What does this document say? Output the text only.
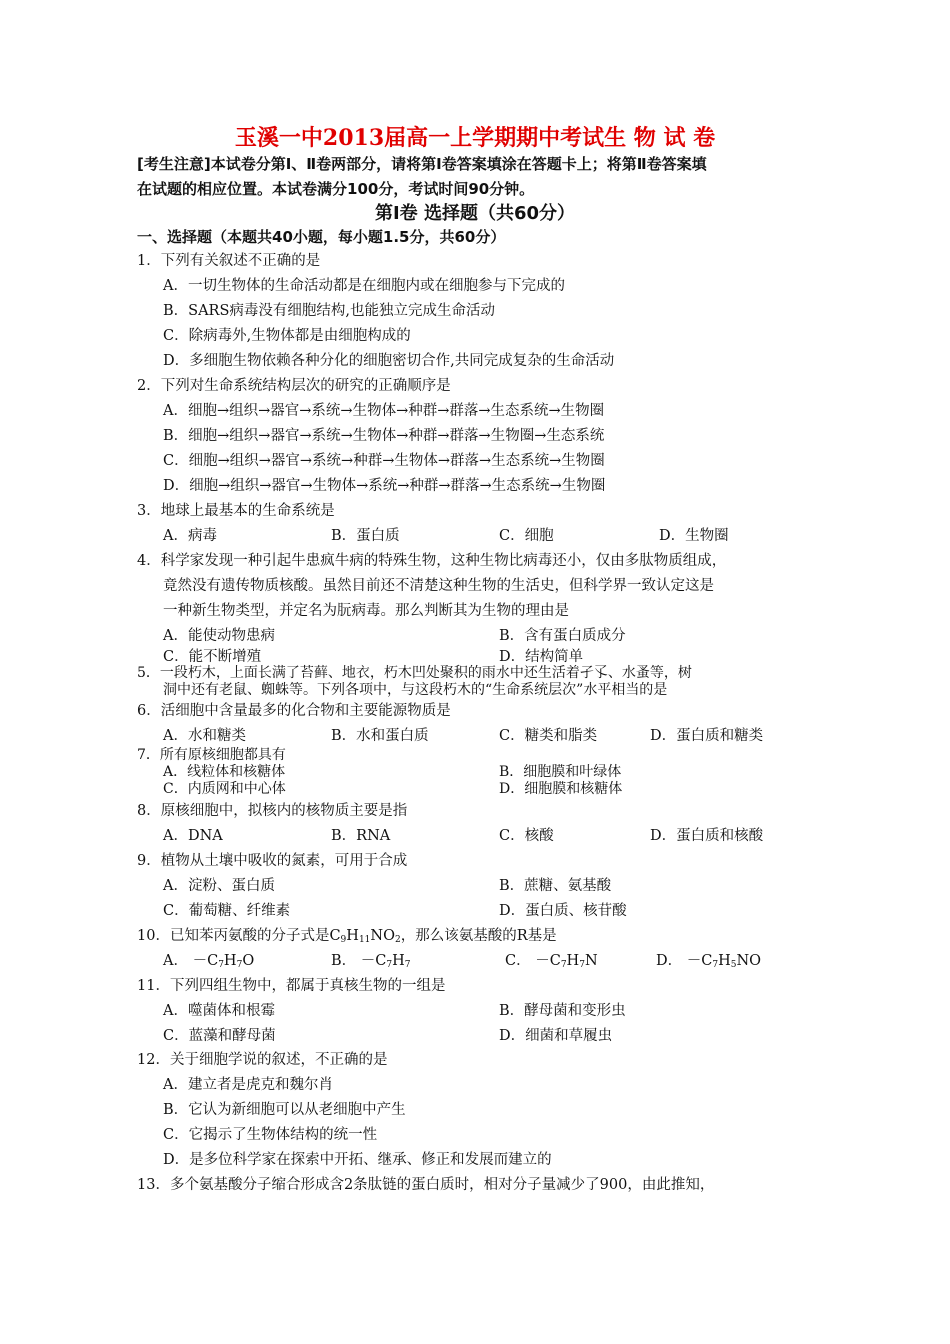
玉溪一中2013届高一上学期期中考试生 物 试 卷
[考生注意]本试卷分第Ⅰ、Ⅱ卷两部分，请将第Ⅰ卷答案填涂在答题卡上；将第Ⅱ卷答案填
在试题的相应位置。本试卷满分100分，考试时间90分钟。
第Ⅰ卷 选择题（共60分）
一、选择题（本题共40小题，每小题1.5分，共60分）
1．下列有关叙述不正确的是
A．一切生物体的生命活动都是在细胞内或在细胞参与下完成的
B．SARS病毒没有细胞结构,也能独立完成生命活动
C．除病毒外,生物体都是由细胞构成的
D．多细胞生物依赖各种分化的细胞密切合作,共同完成复杂的生命活动
2．下列对生命系统结构层次的研究的正确顺序是
A．细胞→组织→器官→系统→生物体→种群→群落→生态系统→生物圈
B．细胞→组织→器官→系统→生物体→种群→群落→生物圈→生态系统
C．细胞→组织→器官→系统→种群→生物体→群落→生态系统→生物圈
D．细胞→组织→器官→生物体→系统→种群→群落→生态系统→生物圈
3．地球上最基本的生命系统是
A．病毒	B．蛋白质	C．细胞	D．生物圈
4．科学家发现一种引起牛患疯牛病的特殊生物，这种生物比病毒还小，仅由多肽物质组成，
竟然没有遗传物质核酸。虽然目前还不清楚这种生物的生活史，但科学界一致认定这是
一种新生物类型，并定名为朊病毒。那么判断其为生物的理由是
A．能使动物患病	B．含有蛋白质成分
C．能不断增殖	D．结构简单
5．一段朽木，上面长满了苔藓、地衣，朽木凹处聚积的雨水中还生活着孑孓、水蚤等，树
洞中还有老鼠、蜘蛛等。下列各项中，与这段朽木的“生命系统层次”水平相当的是
6．活细胞中含量最多的化合物和主要能源物质是
A．水和糖类	B．水和蛋白质	C．糖类和脂类	D．蛋白质和糖类
7．所有原核细胞都具有
A．线粒体和核糖体	B．细胞膜和叶绿体
C．内质网和中心体	D．细胞膜和核糖体
8．原核细胞中，拟核内的核物质主要是指
A．DNA	B．RNA	C．核酸	D．蛋白质和核酸
9．植物从土壤中吸收的氮素，可用于合成
A．淀粉、蛋白质	B．蔗糖、氨基酸
C．葡萄糖、纤维素	D．蛋白质、核苷酸
10．已知苯丙氨酸的分子式是$C_9H_{11}NO_2$，那么该氨基酸的R基是
A． $-C_7H_7O$	B． $-C_7H_7$	C． $-C_7H_7N$	D． $-C_7H_5NO$
11．下列四组生物中，都属于真核生物的一组是
A．噬菌体和根霉	B．酵母菌和变形虫
C．蓝藻和酵母菌	D．细菌和草履虫
12．关于细胞学说的叙述，不正确的是
A．建立者是虎克和魏尔肖
B．它认为新细胞可以从老细胞中产生
C．它揭示了生物体结构的统一性
D．是多位科学家在探索中开拓、继承、修正和发展而建立的
13．多个氨基酸分子缩合形成含2条肽链的蛋白质时，相对分子量减少了900，由此推知，
